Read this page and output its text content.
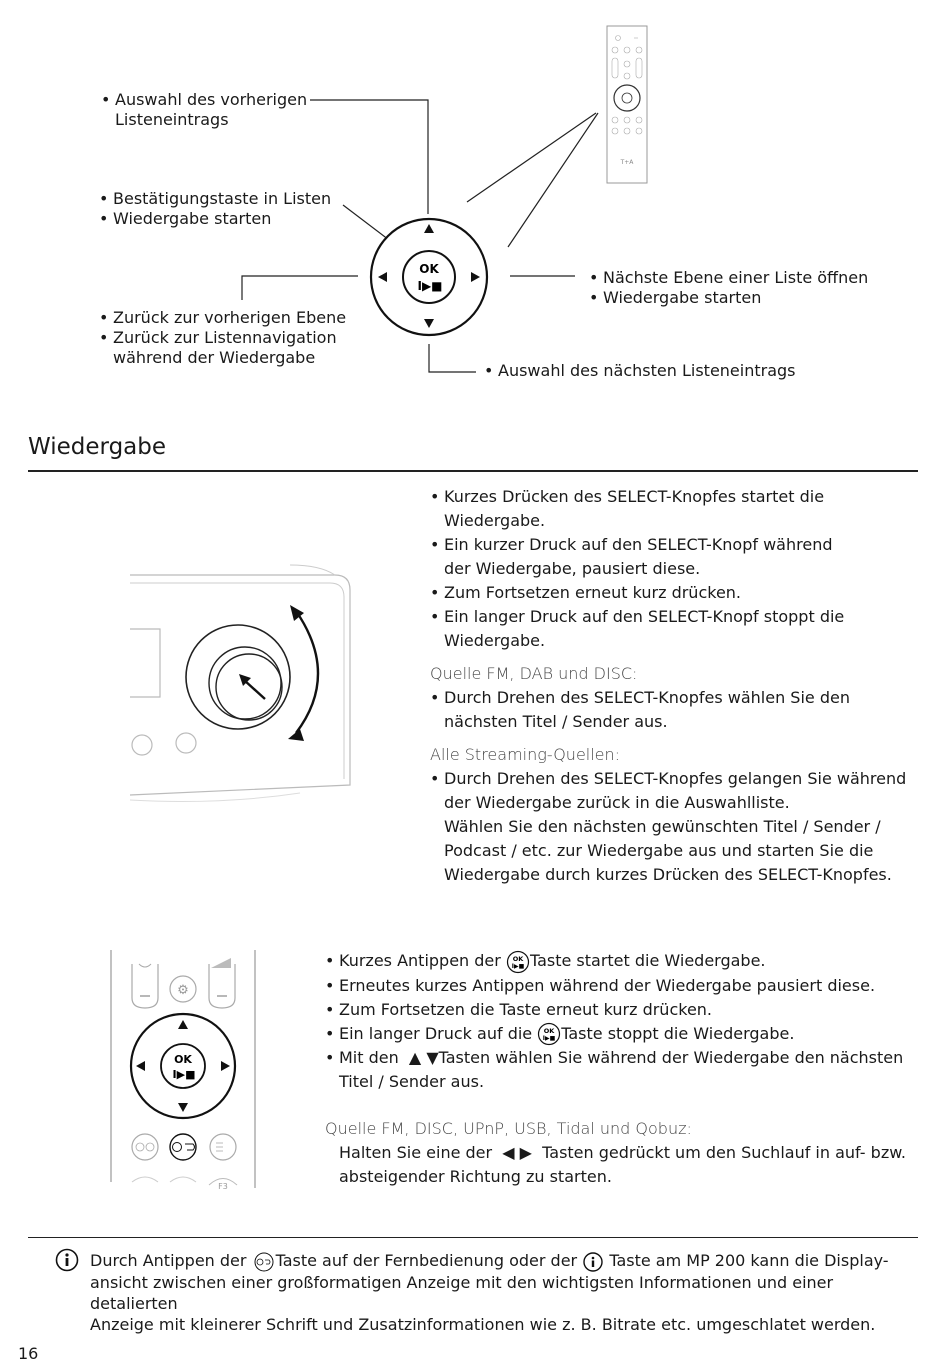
OK
I▶■
T+A
• Auswahl des vorherigen
Listeneintrags
• Bestätigungstaste in Listen
• Wiedergabe starten
• Zurück zur vorherigen Ebene
• Zurück zur Listennavigation
während der Wiedergabe
• Nächste Ebene einer Liste öffnen
• Wiedergabe starten
• Auswahl des nächsten Listeneintrags
Wiedergabe
• Kurzes Drücken des SELECT-Knopfes startet die
Wiedergabe.
• Ein kurzer Druck auf den SELECT-Knopf während
der Wiedergabe, pausiert diese.
• Zum Fortsetzen erneut kurz drücken.
• Ein langer Druck auf den SELECT-Knopf stoppt die
Wiedergabe.
Quelle FM, DAB und DISC:
• Durch Drehen des SELECT-Knopfes wählen Sie den
nächsten Titel / Sender aus.
Alle Streaming-Quellen:
• Durch Drehen des SELECT-Knopfes gelangen Sie während
der Wiedergabe zurück in die Auswahlliste.
Wählen Sie den nächsten gewünschten Titel / Sender /
Podcast / etc. zur Wiedergabe aus und starten Sie die
Wiedergabe durch kurzes Drücken des SELECT-Knopfes.
⚙
OK
I▶■
F3
• Kurzes Antippen der OK
I▶■ Taste startet die Wiedergabe.
• Erneutes kurzes Antippen während der Wiedergabe pausiert diese.
• Zum Fortsetzen die Taste erneut kurz drücken.
• Ein langer Druck auf die OK
I▶■ Taste stoppt die Wiedergabe.
• Mit den ▲ ▼Tasten wählen Sie während der Wiedergabe den nächsten
Titel / Sender aus.
Quelle FM, DISC, UPnP, USB, Tidal und Qobuz:
Halten Sie eine der ◀ ▶ Tasten gedrückt um den Suchlauf in auf- bzw.
absteigender Richtung zu starten.
Durch Antippen der Taste auf der Fernbedienung oder der Taste am MP 200 kann die Display-
ansicht zwischen einer großformatigen Anzeige mit den wichtigsten Informationen und einer detalierten
Anzeige mit kleinerer Schrift und Zusatzinformationen wie z. B. Bitrate etc. umgeschlatet werden.
16
